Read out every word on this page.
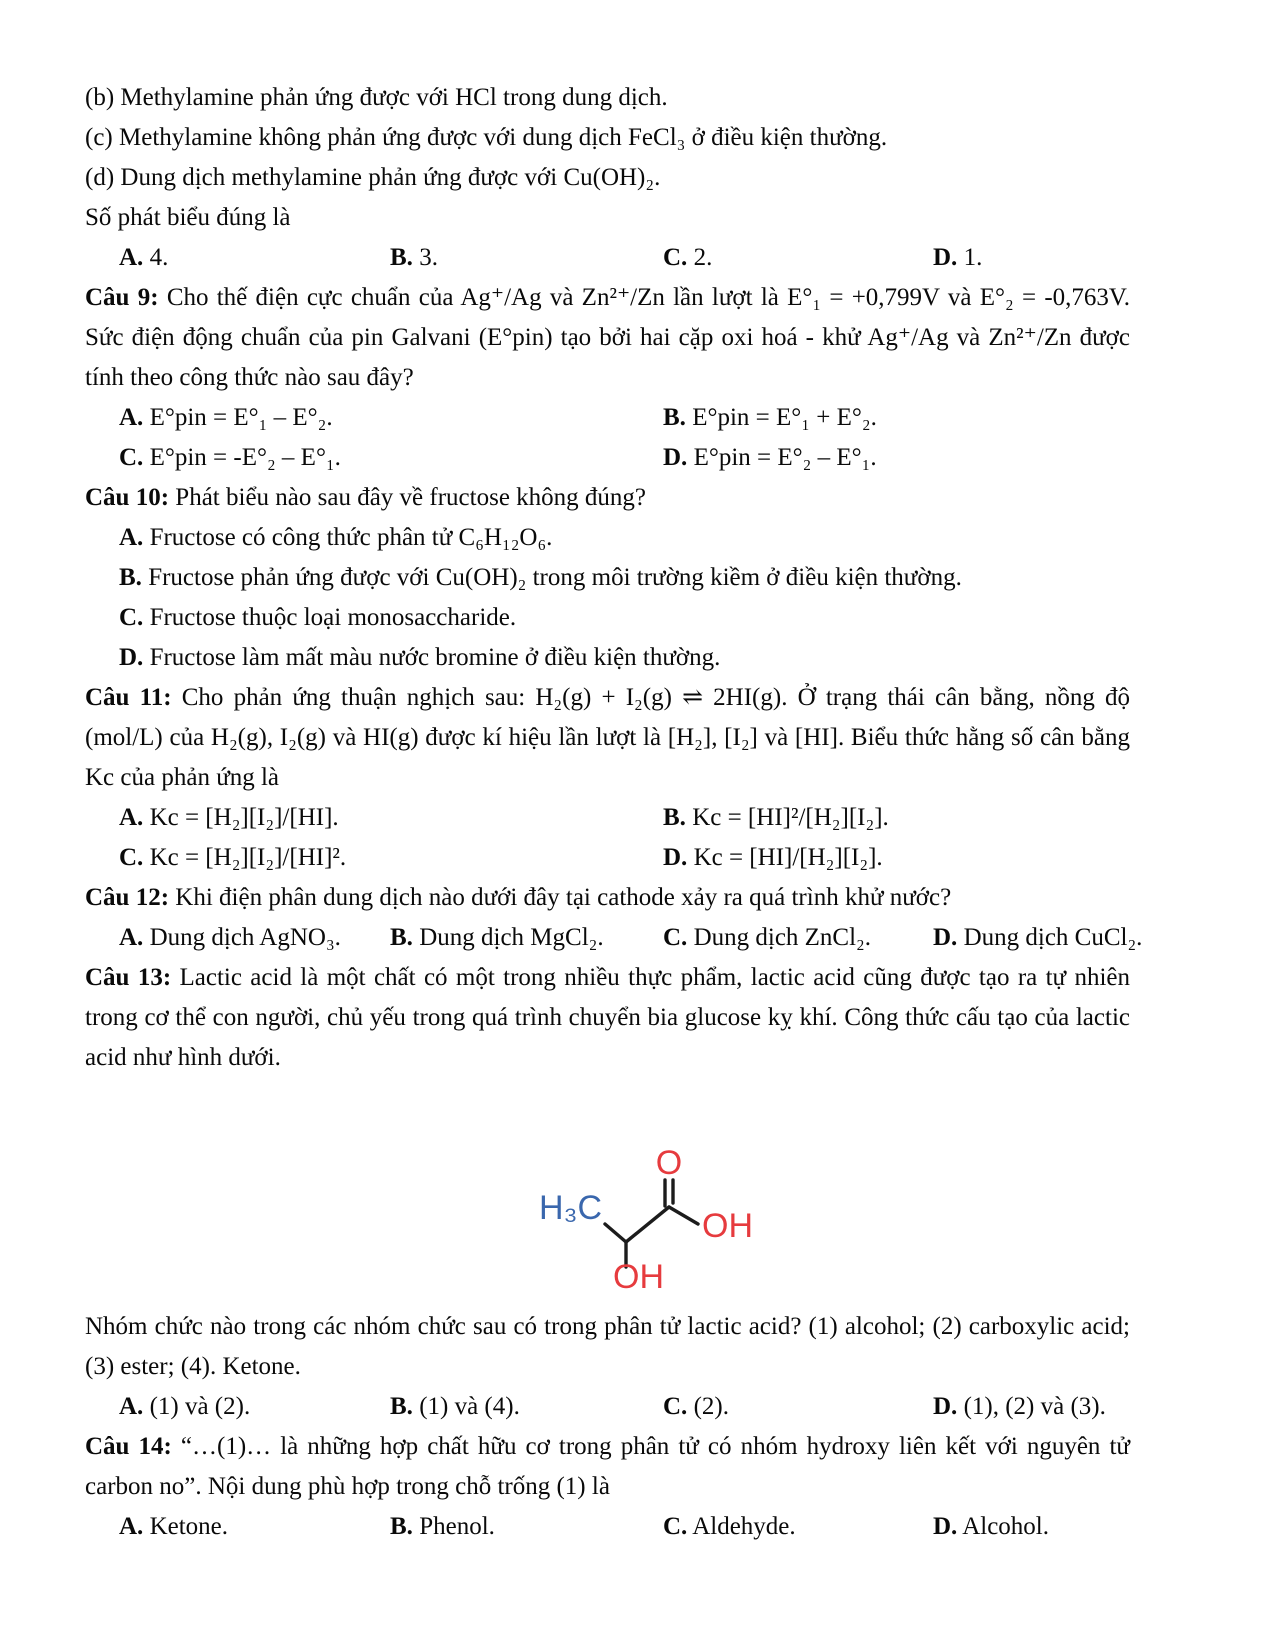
(b) Methylamine phản ứng được với HCl trong dung dịch.

(c) Methylamine không phản ứng được với dung dịch FeCl₃ ở điều kiện thường.

(d) Dung dịch methylamine phản ứng được với Cu(OH)₂.

Số phát biểu đúng là

A. 4.	B. 3.	C. 2.	D. 1.

Câu 9: Cho thế điện cực chuẩn của Ag⁺/Ag và Zn²⁺/Zn lần lượt là E°₁ = +0,799V và E°₂ = -0,763V. Sức điện động chuẩn của pin Galvani (E°pin) tạo bởi hai cặp oxi hoá - khử Ag⁺/Ag và Zn²⁺/Zn được tính theo công thức nào sau đây?

A. E°pin = E°₁ – E°₂.	B. E°pin = E°₁ + E°₂.
C. E°pin = -E°₂ – E°₁.	D. E°pin = E°₂ – E°₁.

Câu 10: Phát biểu nào sau đây về fructose không đúng?

A. Fructose có công thức phân tử C₆H₁₂O₆.

B. Fructose phản ứng được với Cu(OH)₂ trong môi trường kiềm ở điều kiện thường.

C. Fructose thuộc loại monosaccharide.

D. Fructose làm mất màu nước bromine ở điều kiện thường.

Câu 11: Cho phản ứng thuận nghịch sau: H₂(g) + I₂(g) ⇌ 2HI(g). Ở trạng thái cân bằng, nồng độ (mol/L) của H₂(g), I₂(g) và HI(g) được kí hiệu lần lượt là [H₂], [I₂] và [HI]. Biểu thức hằng số cân bằng Kc của phản ứng là

A. Kc = [H₂][I₂]/[HI].	B. Kc = [HI]²/[H₂][I₂].
C. Kc = [H₂][I₂]/[HI]².	D. Kc = [HI]/[H₂][I₂].

Câu 12: Khi điện phân dung dịch nào dưới đây tại cathode xảy ra quá trình khử nước?

A. Dung dịch AgNO₃. B. Dung dịch MgCl₂. C. Dung dịch ZnCl₂. D. Dung dịch CuCl₂.

Câu 13: Lactic acid là một chất có một trong nhiều thực phẩm, lactic acid cũng được tạo ra tự nhiên trong cơ thể con người, chủ yếu trong quá trình chuyển bia glucose kỵ khí. Công thức cấu tạo của lactic acid như hình dưới.

O
H₃C	OH
OH

Nhóm chức nào trong các nhóm chức sau có trong phân tử lactic acid? (1) alcohol; (2) carboxylic acid; (3) ester; (4). Ketone.

A. (1) và (2).	B. (1) và (4).	C. (2).	D. (1), (2) và (3).

Câu 14: “…(1)… là những hợp chất hữu cơ trong phân tử có nhóm hydroxy liên kết với nguyên tử carbon no”. Nội dung phù hợp trong chỗ trống (1) là

A. Ketone.	B. Phenol.	C. Aldehyde.	D. Alcohol.
